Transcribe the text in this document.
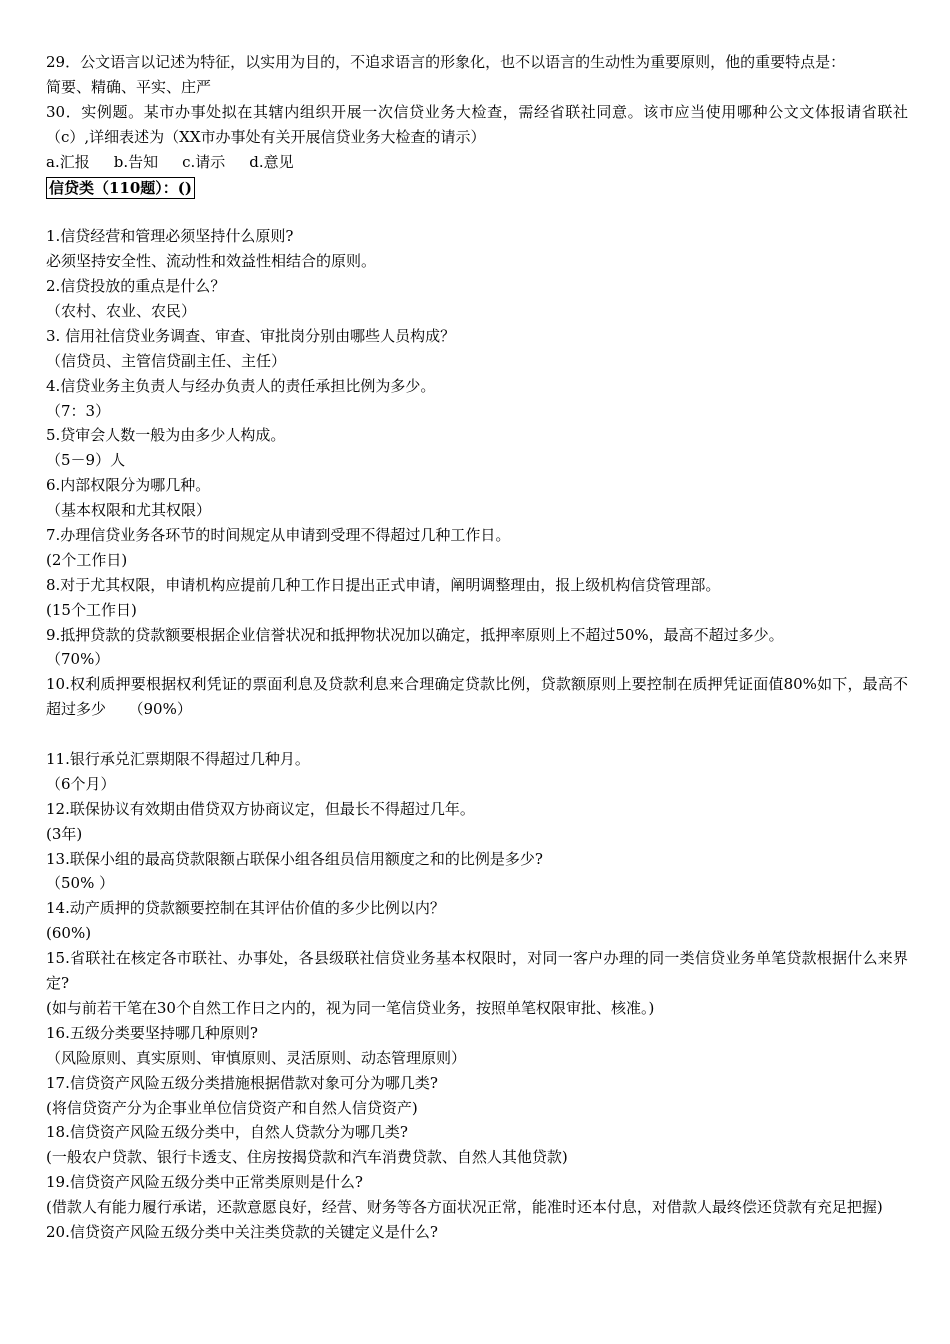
29．公文语言以记述为特征，以实用为目的，不追求语言的形象化，也不以语言的生动性为重要原则，他的重要特点是：
简要、精确、平实、庄严
30．实例题。某市办事处拟在其辖内组织开展一次信贷业务大检查，需经省联社同意。该市应当使用哪种公文文体报请省联社（c）,详细表述为（XX市办事处有关开展信贷业务大检查的请示）
a.汇报 b.告知 c.请示 d.意见
信贷类（110题）：()
1.信贷经营和管理必须坚持什么原则?
必须坚持安全性、流动性和效益性相结合的原则。
2.信贷投放的重点是什么？
（农村、农业、农民）
3. 信用社信贷业务调查、审查、审批岗分别由哪些人员构成？
（信贷员、主管信贷副主任、主任）
4.信贷业务主负责人与经办负责人的责任承担比例为多少。
（7：3）
5.贷审会人数一般为由多少人构成。
（5－9）人
6.内部权限分为哪几种。
（基本权限和尤其权限）
7.办理信贷业务各环节的时间规定从申请到受理不得超过几种工作日。
(2个工作日)
8.对于尤其权限，申请机构应提前几种工作日提出正式申请，阐明调整理由，报上级机构信贷管理部。
(15个工作日)
9.抵押贷款的贷款额要根据企业信誉状况和抵押物状况加以确定，抵押率原则上不超过50%，最高不超过多少。
（70%）
10.权利质押要根据权利凭证的票面利息及贷款利息来合理确定贷款比例，贷款额原则上要控制在质押凭证面值80%如下，最高不超过多少　　（90%）
11.银行承兑汇票期限不得超过几种月。
（6个月）
12.联保协议有效期由借贷双方协商议定，但最长不得超过几年。
(3年)
13.联保小组的最高贷款限额占联保小组各组员信用额度之和的比例是多少?
（50% ）
14.动产质押的贷款额要控制在其评估价值的多少比例以内？
(60%)
15.省联社在核定各市联社、办事处，各县级联社信贷业务基本权限时，对同一客户办理的同一类信贷业务单笔贷款根据什么来界定?
(如与前若干笔在30个自然工作日之内的，视为同一笔信贷业务，按照单笔权限审批、核准。)
16.五级分类要坚持哪几种原则?
（风险原则、真实原则、审慎原则、灵活原则、动态管理原则）
17.信贷资产风险五级分类措施根据借款对象可分为哪几类?
(将信贷资产分为企事业单位信贷资产和自然人信贷资产)
18.信贷资产风险五级分类中，自然人贷款分为哪几类?
(一般农户贷款、银行卡透支、住房按揭贷款和汽车消费贷款、自然人其他贷款)
19.信贷资产风险五级分类中正常类原则是什么?
(借款人有能力履行承诺，还款意愿良好，经营、财务等各方面状况正常，能准时还本付息，对借款人最终偿还贷款有充足把握)
20.信贷资产风险五级分类中关注类贷款的关键定义是什么?
